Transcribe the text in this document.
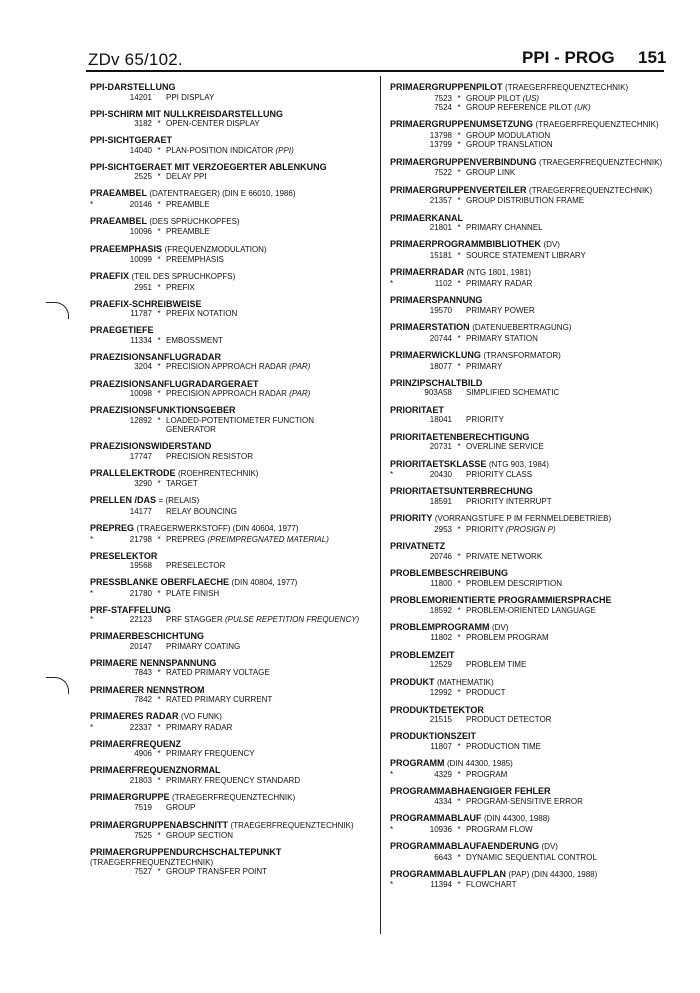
ZDv 65/102.	PPI - PROG 151
PPI-DARSTELLUNG
14201 PPI DISPLAY
PPI-SCHIRM MIT NULLKREISDARSTELLUNG
3182 * OPEN-CENTER DISPLAY
PPI-SICHTGERAET
14040 * PLAN-POSITION INDICATOR (PPI)
PPI-SICHTGERAET MIT VERZOEGERTER ABLENKUNG
2525 * DELAY PPI
PRAEAMBEL (DATENTRAEGER) (DIN E 66010, 1986)
*	20146 * PREAMBLE
PRAEAMBEL (DES SPRUCHKOPFES)
10096 * PREAMBLE
PRAEEMPHASIS (FREQUENZMODULATION)
10099 * PREEMPHASIS
PRAEFIX (TEIL DES SPRUCHKOPFS)
2951 * PREFIX
PRAEFIX-SCHREIBWEISE
11787 * PREFIX NOTATION
PRAEGETIEFE
11334 * EMBOSSMENT
PRAEZISIONSANFLUGRADAR
3204 * PRECISION APPROACH RADAR (PAR)
PRAEZISIONSANFLUGRADARGERAET
10098 * PRECISION APPROACH RADAR (PAR)
PRAEZISIONSFUNKTIONSGEBER
12892 * LOADED-POTENTIOMETER FUNCTION
GENERATOR
PRAEZISIONSWIDERSTAND
17747 PRECISION RESISTOR
PRALLELEKTRODE (ROEHRENTECHNIK)
3290 * TARGET
PRELLEN /DAS = (RELAIS)
14177 RELAY BOUNCING
PREPREG (TRAEGERWERKSTOFF) (DIN 40604, 1977)
*	21798 * PREPREG (PREIMPREGNATED MATERIAL)
PRESELEKTOR
19568 PRESELECTOR
PRESSBLANKE OBERFLAECHE (DIN 40804, 1977)
*	21780 * PLATE FINISH
PRF-STAFFELUNG
*	22123 PRF STAGGER (PULSE REPETITION FREQUENCY)
PRIMAERBESCHICHTUNG
20147 PRIMARY COATING
PRIMAERE NENNSPANNUNG
7843 * RATED PRIMARY VOLTAGE
PRIMAERER NENNSTROM
7842 * RATED PRIMARY CURRENT
PRIMAERES RADAR (VO FUNK)
*	22337 * PRIMARY RADAR
PRIMAERFREQUENZ
4906 * PRIMARY FREQUENCY
PRIMAERFREQUENZNORMAL
21803 * PRIMARY FREQUENCY STANDARD
PRIMAERGRUPPE (TRAEGERFREQUENZTECHNIK)
7519 GROUP
PRIMAERGRUPPENABSCHNITT (TRAEGERFREQUENZTECHNIK)
7525 * GROUP SECTION
PRIMAERGRUPPENDURCHSCHALTEPUNKT
(TRAEGERFREQUENZTECHNIK)
7527 * GROUP TRANSFER POINT
PRIMAERGRUPPENPILOT (TRAEGERFREQUENZTECHNIK)
7523 * GROUP PILOT (US)
7524 * GROUP REFERENCE PILOT (UK)
PRIMAERGRUPPENUMSETZUNG (TRAEGERFREQUENZTECHNIK)
13798 * GROUP MODULATION
13799 * GROUP TRANSLATION
PRIMAERGRUPPENVERBINDUNG (TRAEGERFREQUENZTECHNIK)
7522 * GROUP LINK
PRIMAERGRUPPENVERTEILER (TRAEGERFREQUENZTECHNIK)
21357 * GROUP DISTRIBUTION FRAME
PRIMAERKANAL
21801 * PRIMARY CHANNEL
PRIMAERPROGRAMMBIBLIOTHEK (DV)
15181 * SOURCE STATEMENT LIBRARY
PRIMAERRADAR (NTG 1801, 1981)
*	1102 * PRIMARY RADAR
PRIMAERSPANNUNG
19570 PRIMARY POWER
PRIMAERSTATION (DATENUEBERTRAGUNG)
20744 * PRIMARY STATION
PRIMAERWICKLUNG (TRANSFORMATOR)
18077 * PRIMARY
PRINZIPSCHALTBILD
903A58 SIMPLIFIED SCHEMATIC
PRIORITAET
18041 PRIORITY
PRIORITAETENBERECHTIGUNG
20731 * OVERLINE SERVICE
PRIORITAETSKLASSE (NTG 903, 1984)
*	20430 PRIORITY CLASS
PRIORITAETSUNTERBRECHUNG
18591 PRIORITY INTERRUPT
PRIORITY (VORRANGSTUFE P IM FERNMELDEBETRIEB)
2953 * PRIORITY (PROSIGN P)
PRIVATNETZ
20746 * PRIVATE NETWORK
PROBLEMBESCHREIBUNG
11800 * PROBLEM DESCRIPTION
PROBLEMORIENTIERTE PROGRAMMIERSPRACHE
18592 * PROBLEM-ORIENTED LANGUAGE
PROBLEMPROGRAMM (DV)
11802 * PROBLEM PROGRAM
PROBLEMZEIT
12529 PROBLEM TIME
PRODUKT (MATHEMATIK)
12992 * PRODUCT
PRODUKTDETEKTOR
21515 PRODUCT DETECTOR
PRODUKTIONSZEIT
11807 * PRODUCTION TIME
PROGRAMM (DIN 44300, 1985)
*	4329 * PROGRAM
PROGRAMMABHAENGIGER FEHLER
4334 * PROGRAM-SENSITIVE ERROR
PROGRAMMABLAUF (DIN 44300, 1988)
*	10936 * PROGRAM FLOW
PROGRAMMABLAUFAENDERUNG (DV)
6643 * DYNAMIC SEQUENTIAL CONTROL
PROGRAMMABLAUFPLAN (PAP) (DIN 44300, 1988)
*	11394 * FLOWCHART
